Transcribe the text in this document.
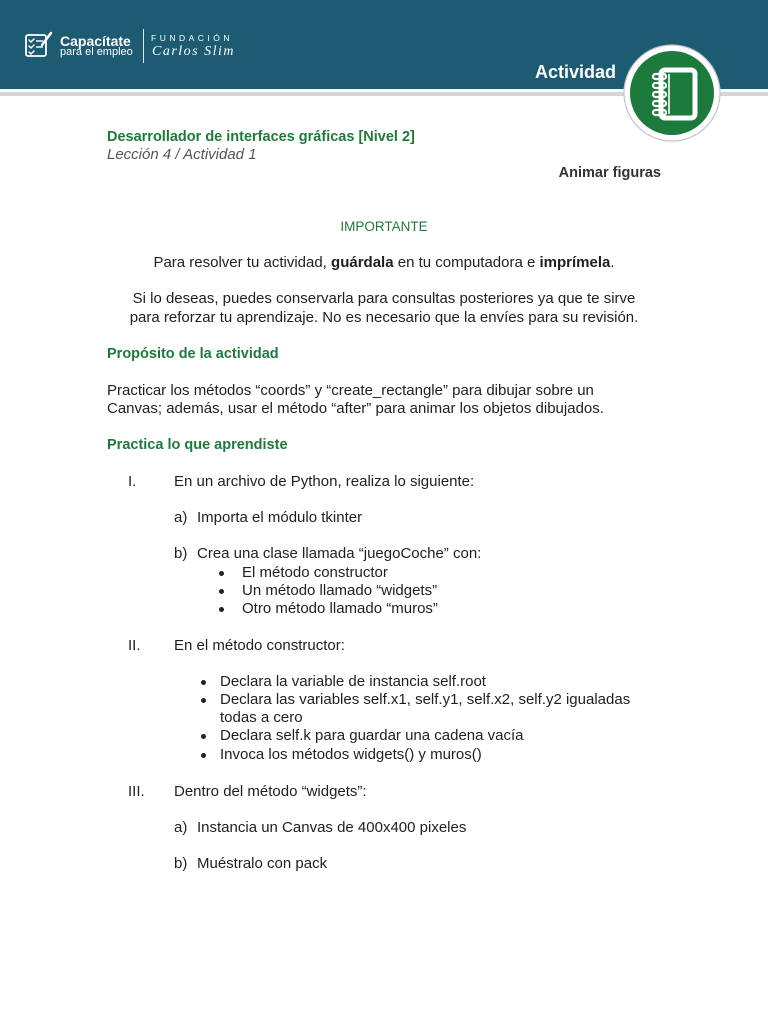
Capacítate
para el empleo
FUNDACIÓN
Carlos Slim
Actividad
Desarrollador de interfaces gráficas [Nivel 2]
Lección 4 / Actividad 1
Animar figuras
IMPORTANTE
Para resolver tu actividad, guárdala en tu computadora e imprímela.
Si lo deseas, puedes conservarla para consultas posteriores ya que te sirve
para reforzar tu aprendizaje. No es necesario que la envíes para su revisión.
Propósito de la actividad
Practicar los métodos “coords” y “create_rectangle” para dibujar sobre un
Canvas; además, usar el método “after” para animar los objetos dibujados.
Practica lo que aprendiste
I.	En un archivo de Python, realiza lo siguiente:
a) Importa el módulo tkinter
b) Crea una clase llamada “juegoCoche” con:
El método constructor
Un método llamado “widgets”
Otro método llamado “muros”
II. En el método constructor:
Declara la variable de instancia self.root
Declara las variables self.x1, self.y1, self.x2, self.y2 igualadas todas a cero
Declara self.k para guardar una cadena vacía
Invoca los métodos widgets() y muros()
III. Dentro del método “widgets”:
a) Instancia un Canvas de 400x400 pixeles
b) Muéstralo con pack
